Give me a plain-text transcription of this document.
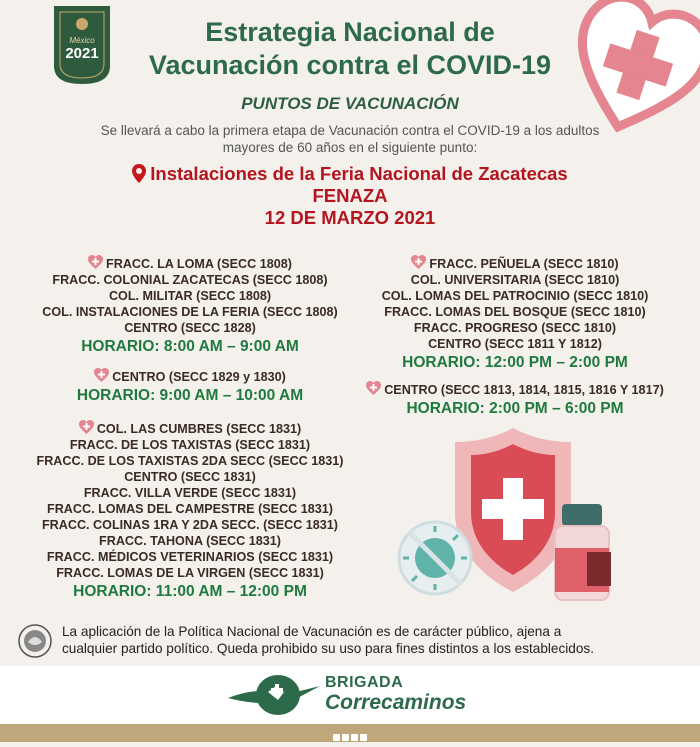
México
2021
Estrategia Nacional de
Vacunación contra el COVID-19
PUNTOS DE VACUNACIÓN
Se llevará a cabo la primera etapa de Vacunación contra el COVID-19 a los adultos
mayores de 60 años en el siguiente punto:
Instalaciones de la Feria Nacional de Zacatecas
FENAZA
12 DE MARZO 2021
FRACC. LA LOMA (SECC 1808)
FRACC. COLONIAL ZACATECAS (SECC 1808)
COL. MILITAR (SECC 1808)
COL. INSTALACIONES DE LA FERIA (SECC 1808)
CENTRO (SECC 1828)
HORARIO: 8:00 AM – 9:00 AM
CENTRO (SECC 1829 y 1830)
HORARIO: 9:00 AM – 10:00 AM
COL. LAS CUMBRES (SECC 1831)
FRACC. DE LOS TAXISTAS (SECC 1831)
FRACC. DE LOS TAXISTAS 2DA SECC (SECC 1831)
CENTRO (SECC 1831)
FRACC. VILLA VERDE (SECC 1831)
FRACC. LOMAS DEL CAMPESTRE (SECC 1831)
FRACC. COLINAS 1RA Y 2DA SECC. (SECC 1831)
FRACC. TAHONA (SECC 1831)
FRACC. MÉDICOS VETERINARIOS (SECC 1831)
FRACC. LOMAS DE LA VIRGEN (SECC 1831)
HORARIO: 11:00 AM – 12:00 PM
FRACC. PEÑUELA (SECC 1810)
COL. UNIVERSITARIA (SECC 1810)
COL. LOMAS DEL PATROCINIO (SECC 1810)
FRACC. LOMAS DEL BOSQUE (SECC 1810)
FRACC. PROGRESO (SECC 1810)
CENTRO (SECC 1811 Y 1812)
HORARIO: 12:00 PM – 2:00 PM
CENTRO (SECC 1813, 1814, 1815, 1816 Y 1817)
HORARIO: 2:00 PM – 6:00 PM
La aplicación de la Política Nacional de Vacunación es de carácter público, ajena a
cualquier partido político. Queda prohibido su uso para fines distintos a los establecidos.
BRIGADA
Correcaminos
